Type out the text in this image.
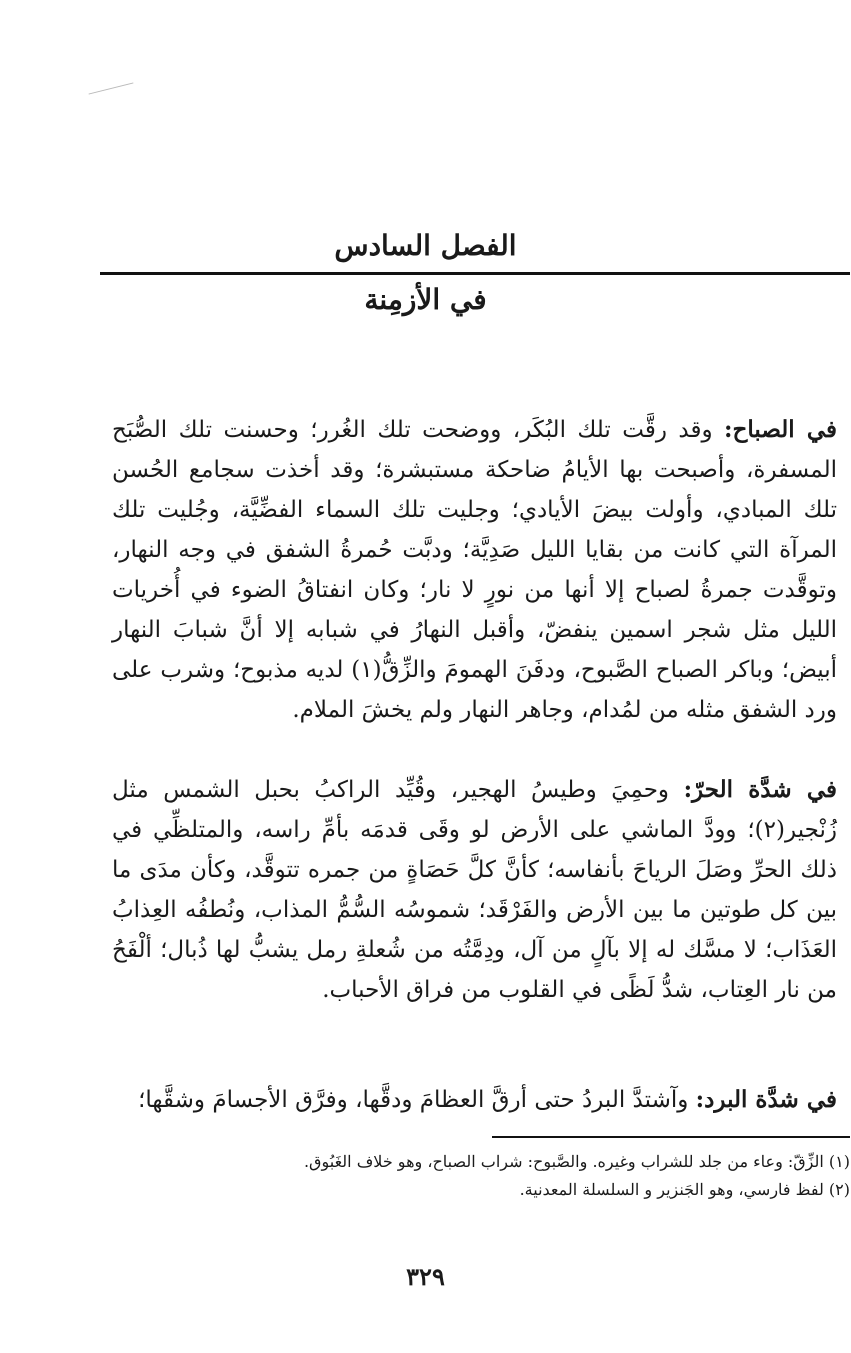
الفصل السادس
في الأزمِنة

في الصباح: وقد رقَّت تلك البُكَر، ووضحت تلك الغُرر؛ وحسنت تلك الصُّبَح المسفرة، وأصبحت بها الأيامُ ضاحكة مستبشرة؛ وقد أخذت سجامع الحُسن تلك المبادي، وأولت بيضَ الأيادي؛ وجليت تلك السماء الفضِّيَّة، وجُليت تلك المرآة التي كانت من بقايا الليل صَدِيَّة؛ ودبَّت حُمرةُ الشفق في وجه النهار، وتوقَّدت جمرةُ لصباح إلا أنها من نورٍ لا نار؛ وكان انفتاقُ الضوء في أُخريات الليل مثل شجر اسمين ينفضّ، وأقبل النهارُ في شبابه إلا أنَّ شبابَ النهار أبيض؛ وباكر الصباح الصَّبوح، ودفَنَ الهمومَ والزِّقُّ(١) لديه مذبوح؛ وشرب على ورد الشفق مثله من لمُدام، وجاهر النهار ولم يخشَ الملام.

في شدَّة الحرّ: وحمِيَ وطيسُ الهجير، وقُيِّد الراكبُ بحبل الشمس مثل زُنْجير(٢)؛ وودَّ الماشي على الأرض لو وقَى قدمَه بأمِّ راسه، والمتلظِّي في ذلك الحرِّ وصَلَ الرياحَ بأنفاسه؛ كأنَّ كلَّ حَصَاةٍ من جمره تتوقَّد، وكأن مدَى ما بين كل طوتين ما بين الأرض والفَرْقَد؛ شموسُه السُّمُّ المذاب، ونُطفُه العِذابُ العَذَاب؛ لا مسَّك له إلا بآلٍ من آل، ودِمَّتُه من شُعلةِ رمل يشبُّ لها ذُبال؛ ألْفَحُ من نار العِتاب، شدُّ لَظًى في القلوب من فراق الأحباب.

في شدَّة البرد: وآشتدَّ البردُ حتى أرقَّ العظامَ ودقَّها، وفرَّق الأجسامَ وشقَّها؛

(١) الزِّقّ: وعاء من جلد للشراب وغيره. والصَّبوح: شراب الصباح، وهو خلاف الغَبُوق.

(٢) لفظ فارسي، وهو الجَنزير و السلسلة المعدنية.

٣٢٩
